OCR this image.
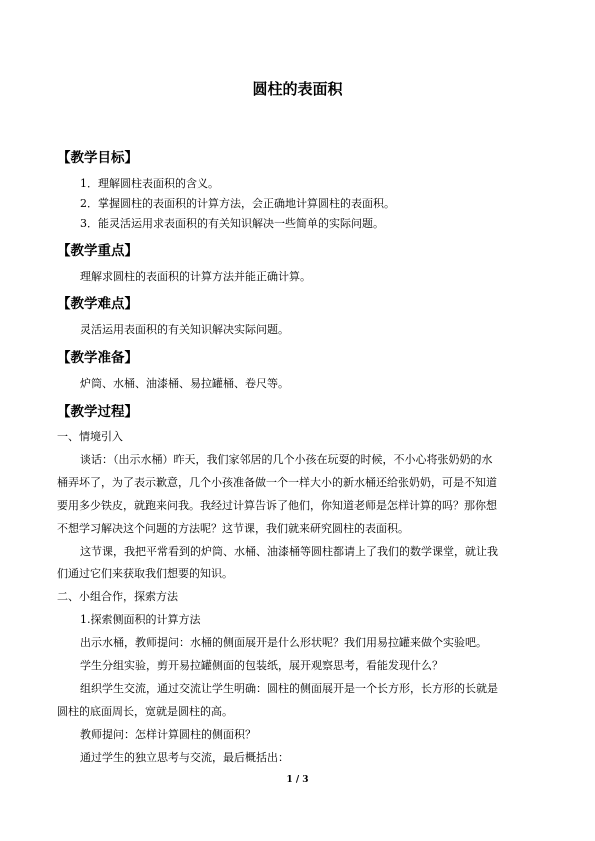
圆柱的表面积
【教学目标】
1．理解圆柱表面积的含义。
2．掌握圆柱的表面积的计算方法，会正确地计算圆柱的表面积。
3．能灵活运用求表面积的有关知识解决一些简单的实际问题。
【教学重点】
理解求圆柱的表面积的计算方法并能正确计算。
【教学难点】
灵活运用表面积的有关知识解决实际问题。
【教学准备】
炉筒、水桶、油漆桶、易拉罐桶、卷尺等。
【教学过程】
一、情境引入
谈话：（出示水桶）昨天，我们家邻居的几个小孩在玩耍的时候，不小心将张奶奶的水
桶弄坏了，为了表示歉意，几个小孩准备做一个一样大小的新水桶还给张奶奶，可是不知道
要用多少铁皮，就跑来问我。我经过计算告诉了他们，你知道老师是怎样计算的吗？那你想
不想学习解决这个问题的方法呢？这节课，我们就来研究圆柱的表面积。
这节课，我把平常看到的炉筒、水桶、油漆桶等圆柱都请上了我们的数学课堂，就让我
们通过它们来获取我们想要的知识。
二、小组合作，探索方法
1.探索侧面积的计算方法
出示水桶，教师提问：水桶的侧面展开是什么形状呢？我们用易拉罐来做个实验吧。
学生分组实验，剪开易拉罐侧面的包装纸，展开观察思考，看能发现什么？
组织学生交流，通过交流让学生明确：圆柱的侧面展开是一个长方形，长方形的长就是
圆柱的底面周长，宽就是圆柱的高。
教师提问：怎样计算圆柱的侧面积？
通过学生的独立思考与交流，最后概括出：
1 / 3
